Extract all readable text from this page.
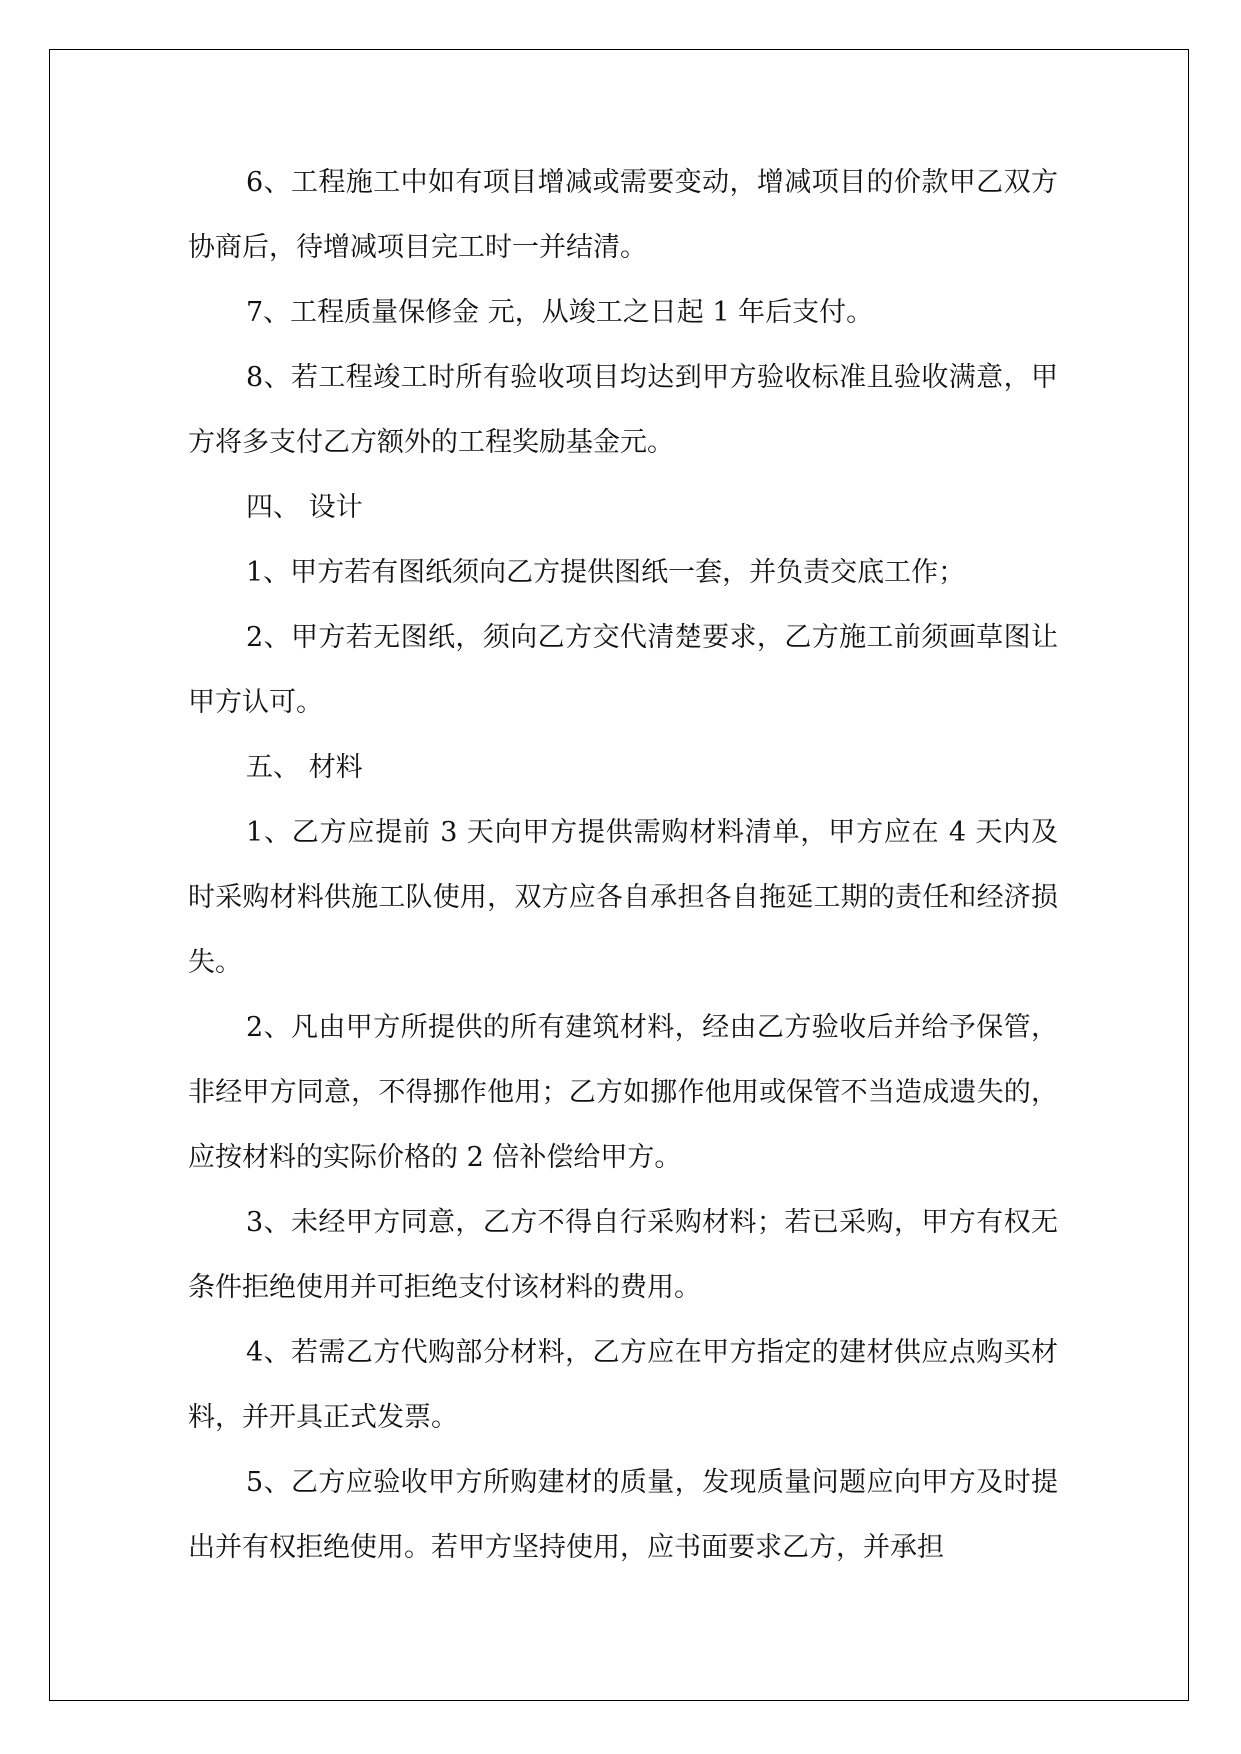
6、工程施工中如有项目增减或需要变动，增减项目的价款甲乙双方协商后，待增减项目完工时一并结清。

7、工程质量保修金 元，从竣工之日起 1 年后支付。

8、若工程竣工时所有验收项目均达到甲方验收标准且验收满意，甲方将多支付乙方额外的工程奖励基金元。

四、 设计

1、甲方若有图纸须向乙方提供图纸一套，并负责交底工作；

2、甲方若无图纸，须向乙方交代清楚要求，乙方施工前须画草图让甲方认可。

五、 材料

1、乙方应提前 3 天向甲方提供需购材料清单，甲方应在 4 天内及时采购材料供施工队使用，双方应各自承担各自拖延工期的责任和经济损失。

2、凡由甲方所提供的所有建筑材料，经由乙方验收后并给予保管，非经甲方同意，不得挪作他用；乙方如挪作他用或保管不当造成遗失的，应按材料的实际价格的 2 倍补偿给甲方。

3、未经甲方同意，乙方不得自行采购材料；若已采购，甲方有权无条件拒绝使用并可拒绝支付该材料的费用。

4、若需乙方代购部分材料，乙方应在甲方指定的建材供应点购买材料，并开具正式发票。

5、乙方应验收甲方所购建材的质量，发现质量问题应向甲方及时提出并有权拒绝使用。若甲方坚持使用，应书面要求乙方，并承担
